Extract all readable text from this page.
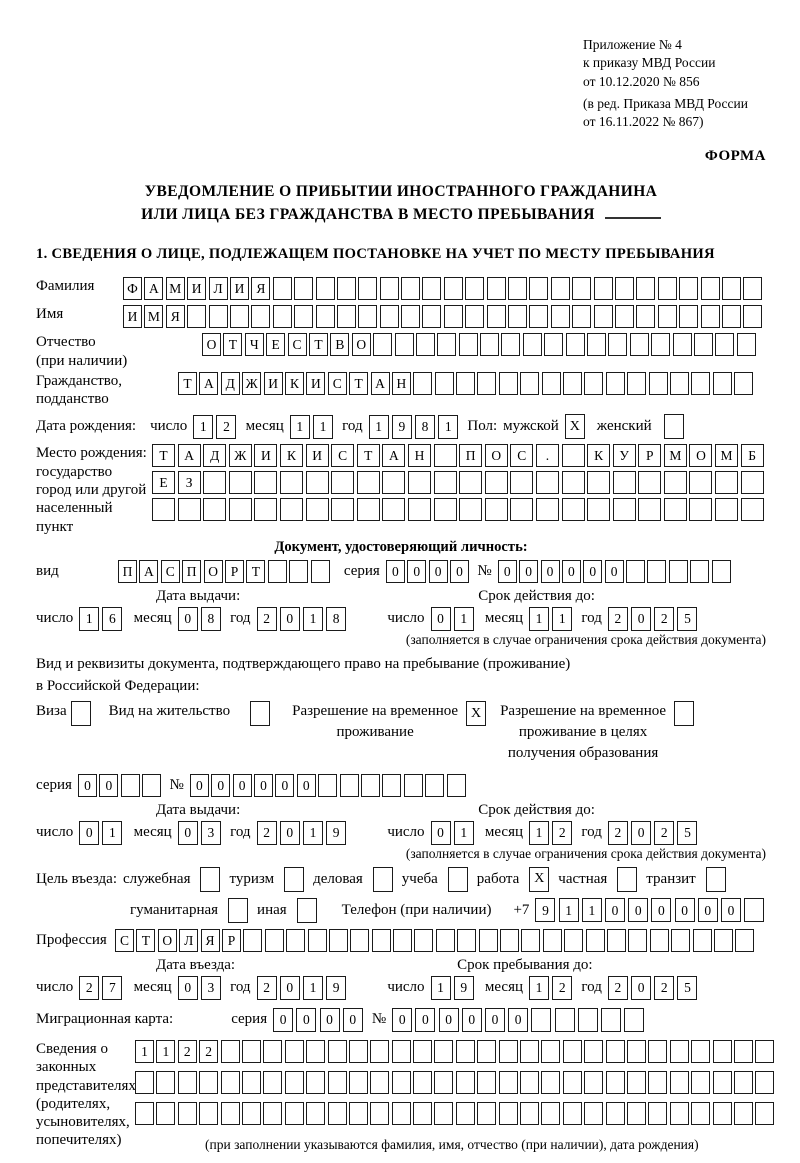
Приложение № 4
к приказу МВД России
от 10.12.2020 № 856
(в ред. Приказа МВД России
от 16.11.2022 № 867)
ФОРМА
УВЕДОМЛЕНИЕ О ПРИБЫТИИ ИНОСТРАННОГО ГРАЖДАНИНА
ИЛИ ЛИЦА БЕЗ ГРАЖДАНСТВА В МЕСТО ПРЕБЫВАНИЯ
1. СВЕДЕНИЯ О ЛИЦЕ, ПОДЛЕЖАЩЕМ ПОСТАНОВКЕ НА УЧЕТ ПО МЕСТУ ПРЕБЫВАНИЯ
Фамилия	Ф А М И Л И Я
Имя	И М Я
Отчество
(при наличии)
О Т Ч Е С Т В О
Гражданство,
подданство
Т А Д Ж И К И С Т А Н
Дата рождения: число 1	2	месяц 1	1	год 1	9	8	1	Пол: мужской X	женский
Место рождения:
государство
город или другой
населенный пункт
Т	А	Д	Ж	И	К	И	С	Т	А	Н	П	О	С	.	К	У	Р	М	О	М	Б
Е	З
Документ, удостоверяющий личность:
вид	П А С П О Р	Т	серия 0	0	0	0 № 0	0	0	0	0	0
Дата выдачи:	Срок действия до:
число 1	6	месяц 0	8	год 2	0	1	8	число 0	1	месяц 1	1	год 2	0	2	5
(заполняется в случае ограничения срока действия документа)
Вид и реквизиты документа, подтверждающего право на пребывание (проживание)
в Российской Федерации:
Виза	Вид на жительство	Разрешение на временное
проживание
X	Разрешение на временное
проживание в целях
получения образования
серия 0	0	№ 0	0	0	0	0	0
Дата выдачи:	Срок действия до:
число 0	1	месяц 0	3	год 2	0	1	9	число 0	1	месяц 1	2	год 2	0	2	5
(заполняется в случае ограничения срока действия документа)
Цель въезда: служебная	туризм	деловая	учеба	работа	X частная	транзит
гуманитарная	иная	Телефон (при наличии) +7 9	1	1	0	0	0	0	0	0
Профессия С Т О Л Я Р
Дата въезда:	Срок пребывания до:
число 2	7	месяц 0	3	год 2	0	1	9	число 1	9	месяц 1	2	год 2	0	2	5
Миграционная карта:	серия 0	0	0	0	№ 0	0	0	0	0	0
Сведения о
законных
представителях
(родителях,
усыновителях,
попечителях)
1	1	2	2
(при заполнении указываются фамилия, имя, отчество (при наличии), дата рождения)
